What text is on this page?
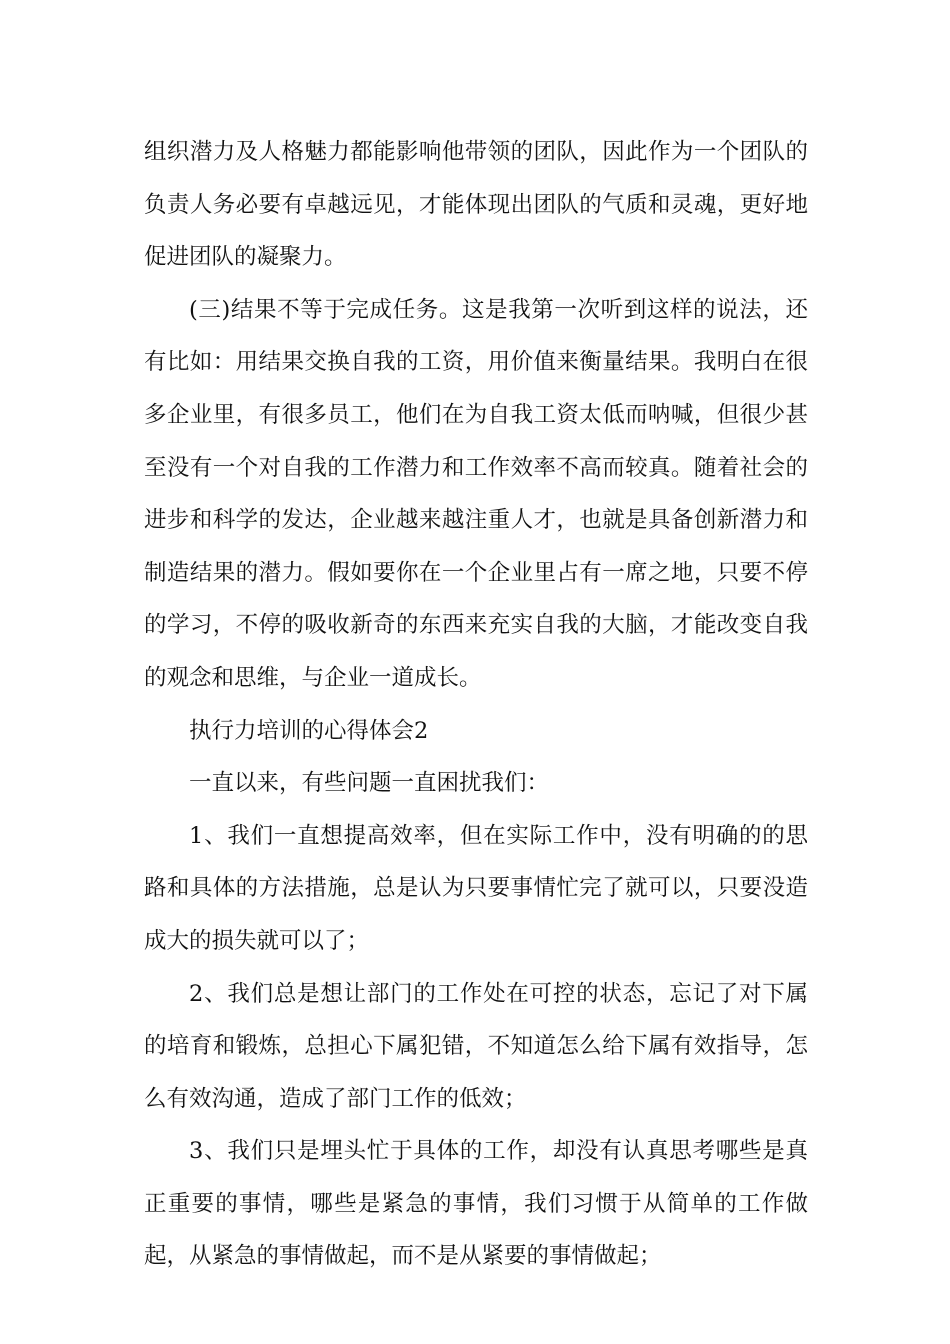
组织潜力及人格魅力都能影响他带领的团队，因此作为一个团队的负责人务必要有卓越远见，才能体现出团队的气质和灵魂，更好地促进团队的凝聚力。

(三)结果不等于完成任务。这是我第一次听到这样的说法，还有比如：用结果交换自我的工资，用价值来衡量结果。我明白在很多企业里，有很多员工，他们在为自我工资太低而呐喊，但很少甚至没有一个对自我的工作潜力和工作效率不高而较真。随着社会的进步和科学的发达，企业越来越注重人才，也就是具备创新潜力和制造结果的潜力。假如要你在一个企业里占有一席之地，只要不停的学习，不停的吸收新奇的东西来充实自我的大脑，才能改变自我的观念和思维，与企业一道成长。

执行力培训的心得体会2

一直以来，有些问题一直困扰我们：

1、我们一直想提高效率，但在实际工作中，没有明确的的思路和具体的方法措施，总是认为只要事情忙完了就可以，只要没造成大的损失就可以了；

2、我们总是想让部门的工作处在可控的状态，忘记了对下属的培育和锻炼，总担心下属犯错，不知道怎么给下属有效指导，怎么有效沟通，造成了部门工作的低效；

3、我们只是埋头忙于具体的工作，却没有认真思考哪些是真正重要的事情，哪些是紧急的事情，我们习惯于从简单的工作做起，从紧急的事情做起，而不是从紧要的事情做起；
